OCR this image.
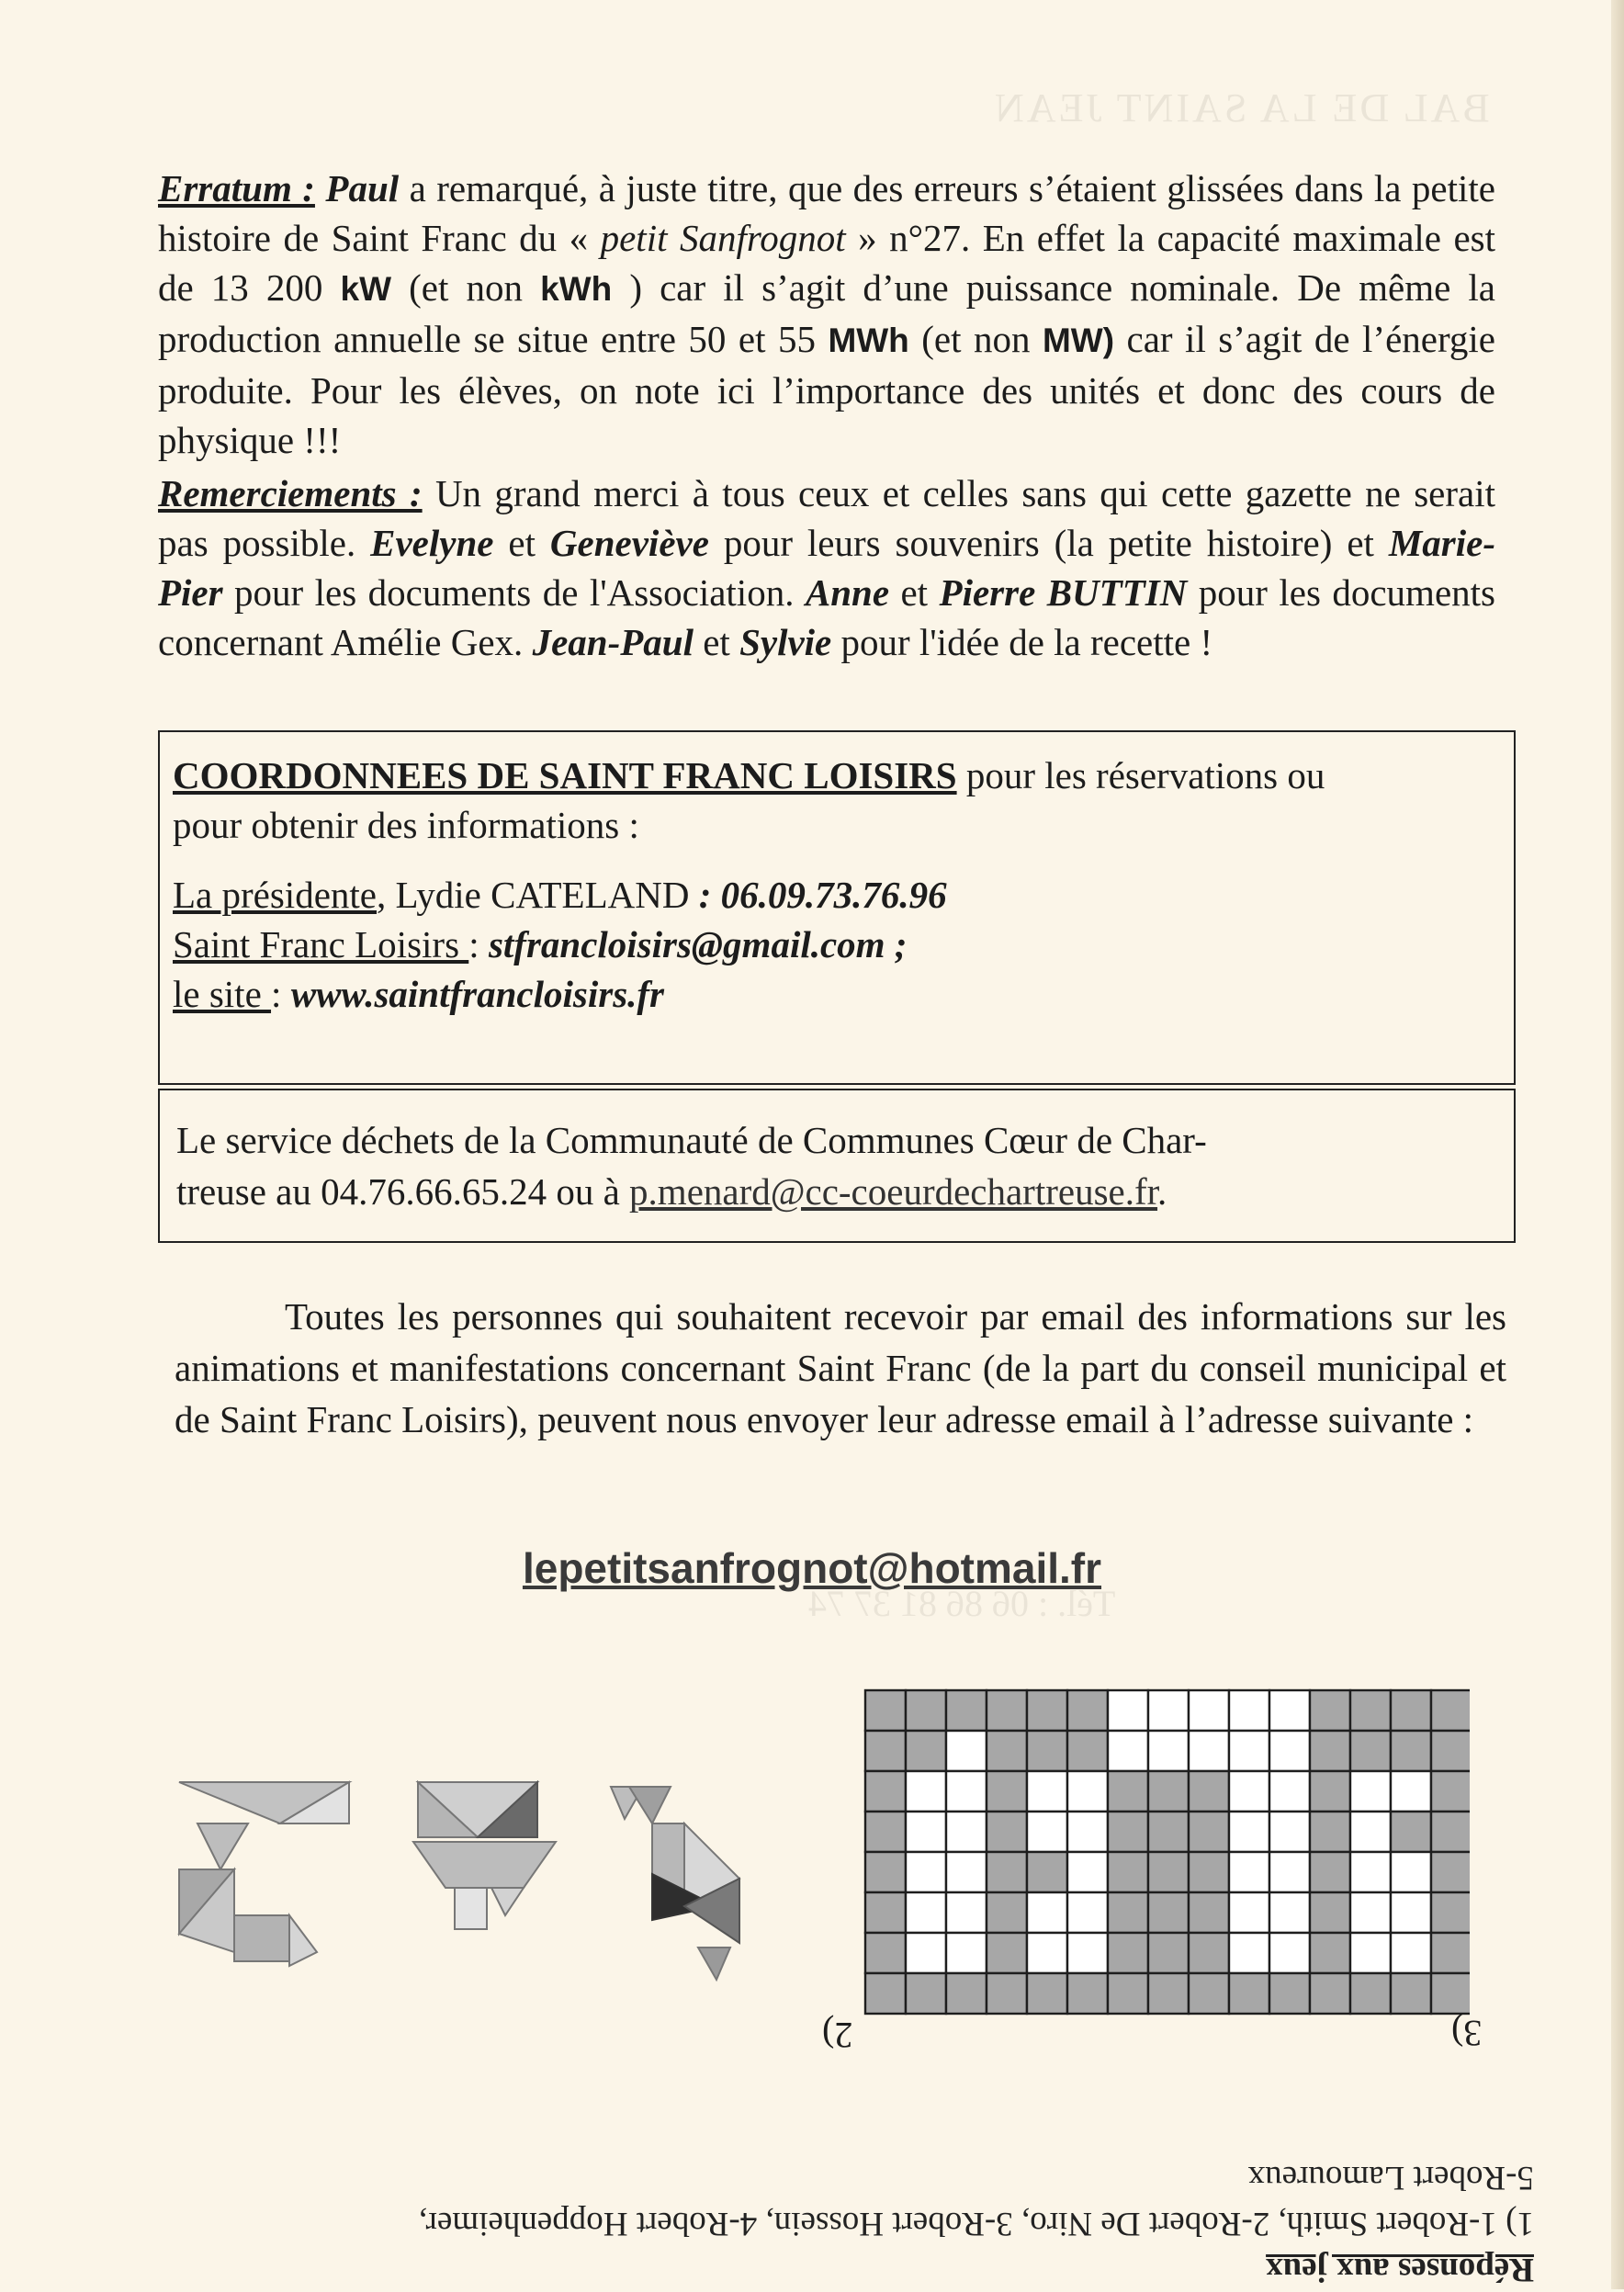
BAL DE LA SAINT JEAN
Tél. : 06 86 81 37 74
Erratum : Paul a remarqué, à juste titre, que des erreurs s’étaient glissées dans la petite histoire de Saint Franc du « petit Sanfrognot » n°27. En effet la capacité maximale est de 13 200 kW (et non kWh ) car il s’agit d’une puissance nominale. De même la production annuelle se situe entre 50 et 55 MWh (et non MW) car il s’agit de l’énergie produite. Pour les élèves, on note ici l’importance des unités et donc des cours de physique !!!
Remerciements : Un grand merci à tous ceux et celles sans qui cette gazette ne serait pas possible. Evelyne et Geneviève pour leurs souvenirs (la petite histoire) et Marie-Pier pour les documents de l'Association. Anne et Pierre BUTTIN pour les documents concernant Amélie Gex. Jean-Paul et Sylvie pour l'idée de la recette !
COORDONNEES DE SAINT FRANC LOISIRS pour les réservations ou
pour obtenir des informations :
La présidente, Lydie CATELAND : 06.09.73.76.96
Saint Franc Loisirs : stfrancloisirs@gmail.com ;
le site : www.saintfrancloisirs.fr
Le service déchets de la Communauté de Communes Cœur de Char-
treuse au 04.76.66.65.24 ou à p.menard@cc-coeurdechartreuse.fr.
Toutes les personnes qui souhaitent recevoir par email des informations sur les animations et manifestations concernant Saint Franc (de la part du conseil municipal et de Saint Franc Loisirs), peuvent nous envoyer leur adresse email à l’adresse suivante :
lepetitsanfrognot@hotmail.fr
3)
2)
Réponses aux jeux
1) 1-Robert Smith, 2-Robert De Niro, 3-Robert Hossein, 4-Robert Hoppenheimer,
5-Robert Lamoureux
